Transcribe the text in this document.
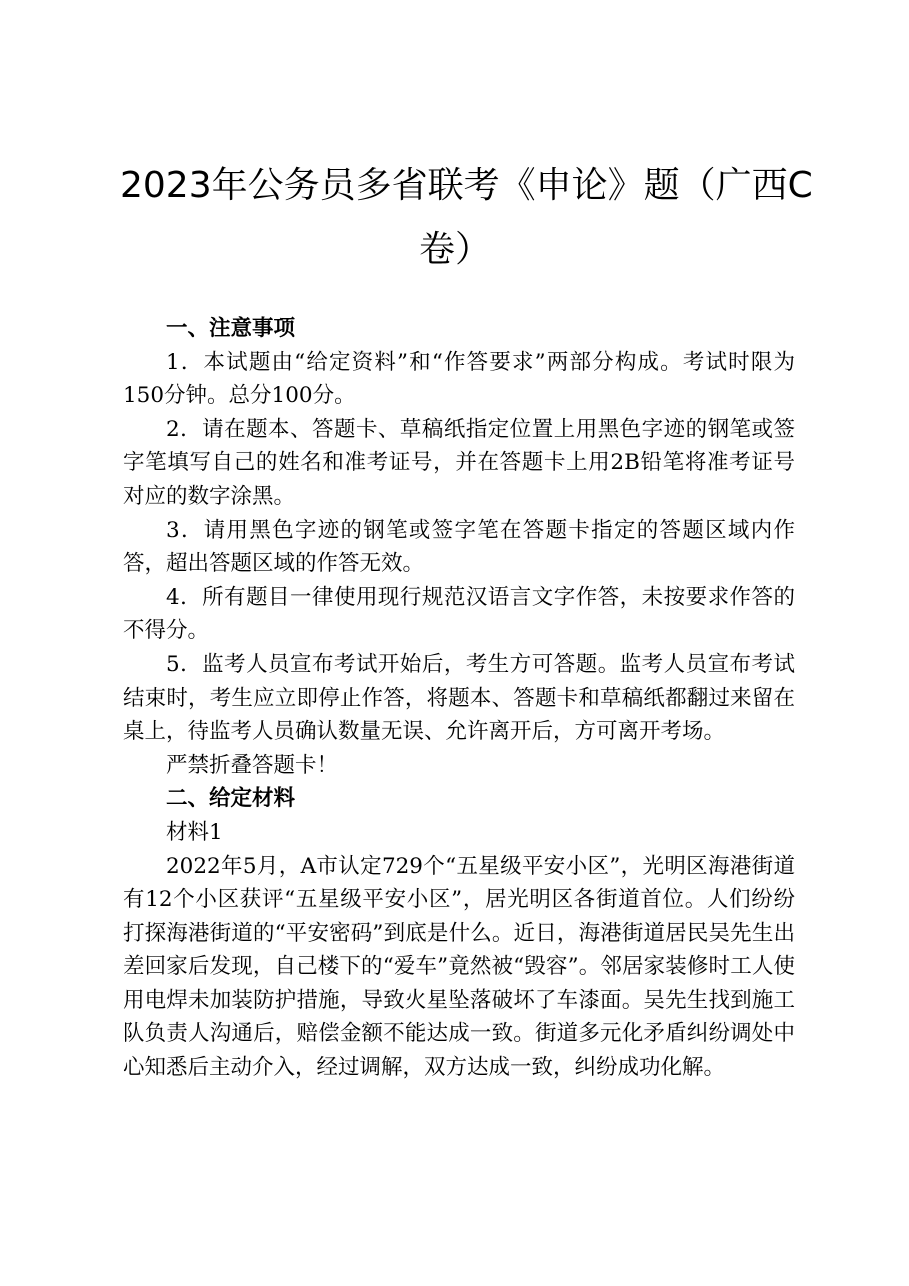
2023年公务员多省联考《申论》题（广西C
卷）

一、注意事项

1．本试题由“给定资料”和“作答要求”两部分构成。考试时限为150分钟。总分100分。

2．请在题本、答题卡、草稿纸指定位置上用黑色字迹的钢笔或签字笔填写自己的姓名和准考证号，并在答题卡上用2B铅笔将准考证号对应的数字涂黑。

3．请用黑色字迹的钢笔或签字笔在答题卡指定的答题区域内作答，超出答题区域的作答无效。

4．所有题目一律使用现行规范汉语言文字作答，未按要求作答的不得分。

5．监考人员宣布考试开始后，考生方可答题。监考人员宣布考试结束时，考生应立即停止作答，将题本、答题卡和草稿纸都翻过来留在桌上，待监考人员确认数量无误、允许离开后，方可离开考场。

严禁折叠答题卡！

二、给定材料

材料1

2022年5月，A市认定729个“五星级平安小区”，光明区海港街道有12个小区获评“五星级平安小区”，居光明区各街道首位。人们纷纷打探海港街道的“平安密码”到底是什么。近日，海港街道居民吴先生出差回家后发现，自己楼下的“爱车”竟然被“毁容”。邻居家装修时工人使用电焊未加装防护措施，导致火星坠落破坏了车漆面。吴先生找到施工队负责人沟通后，赔偿金额不能达成一致。街道多元化矛盾纠纷调处中心知悉后主动介入，经过调解，双方达成一致，纠纷成功化解。
